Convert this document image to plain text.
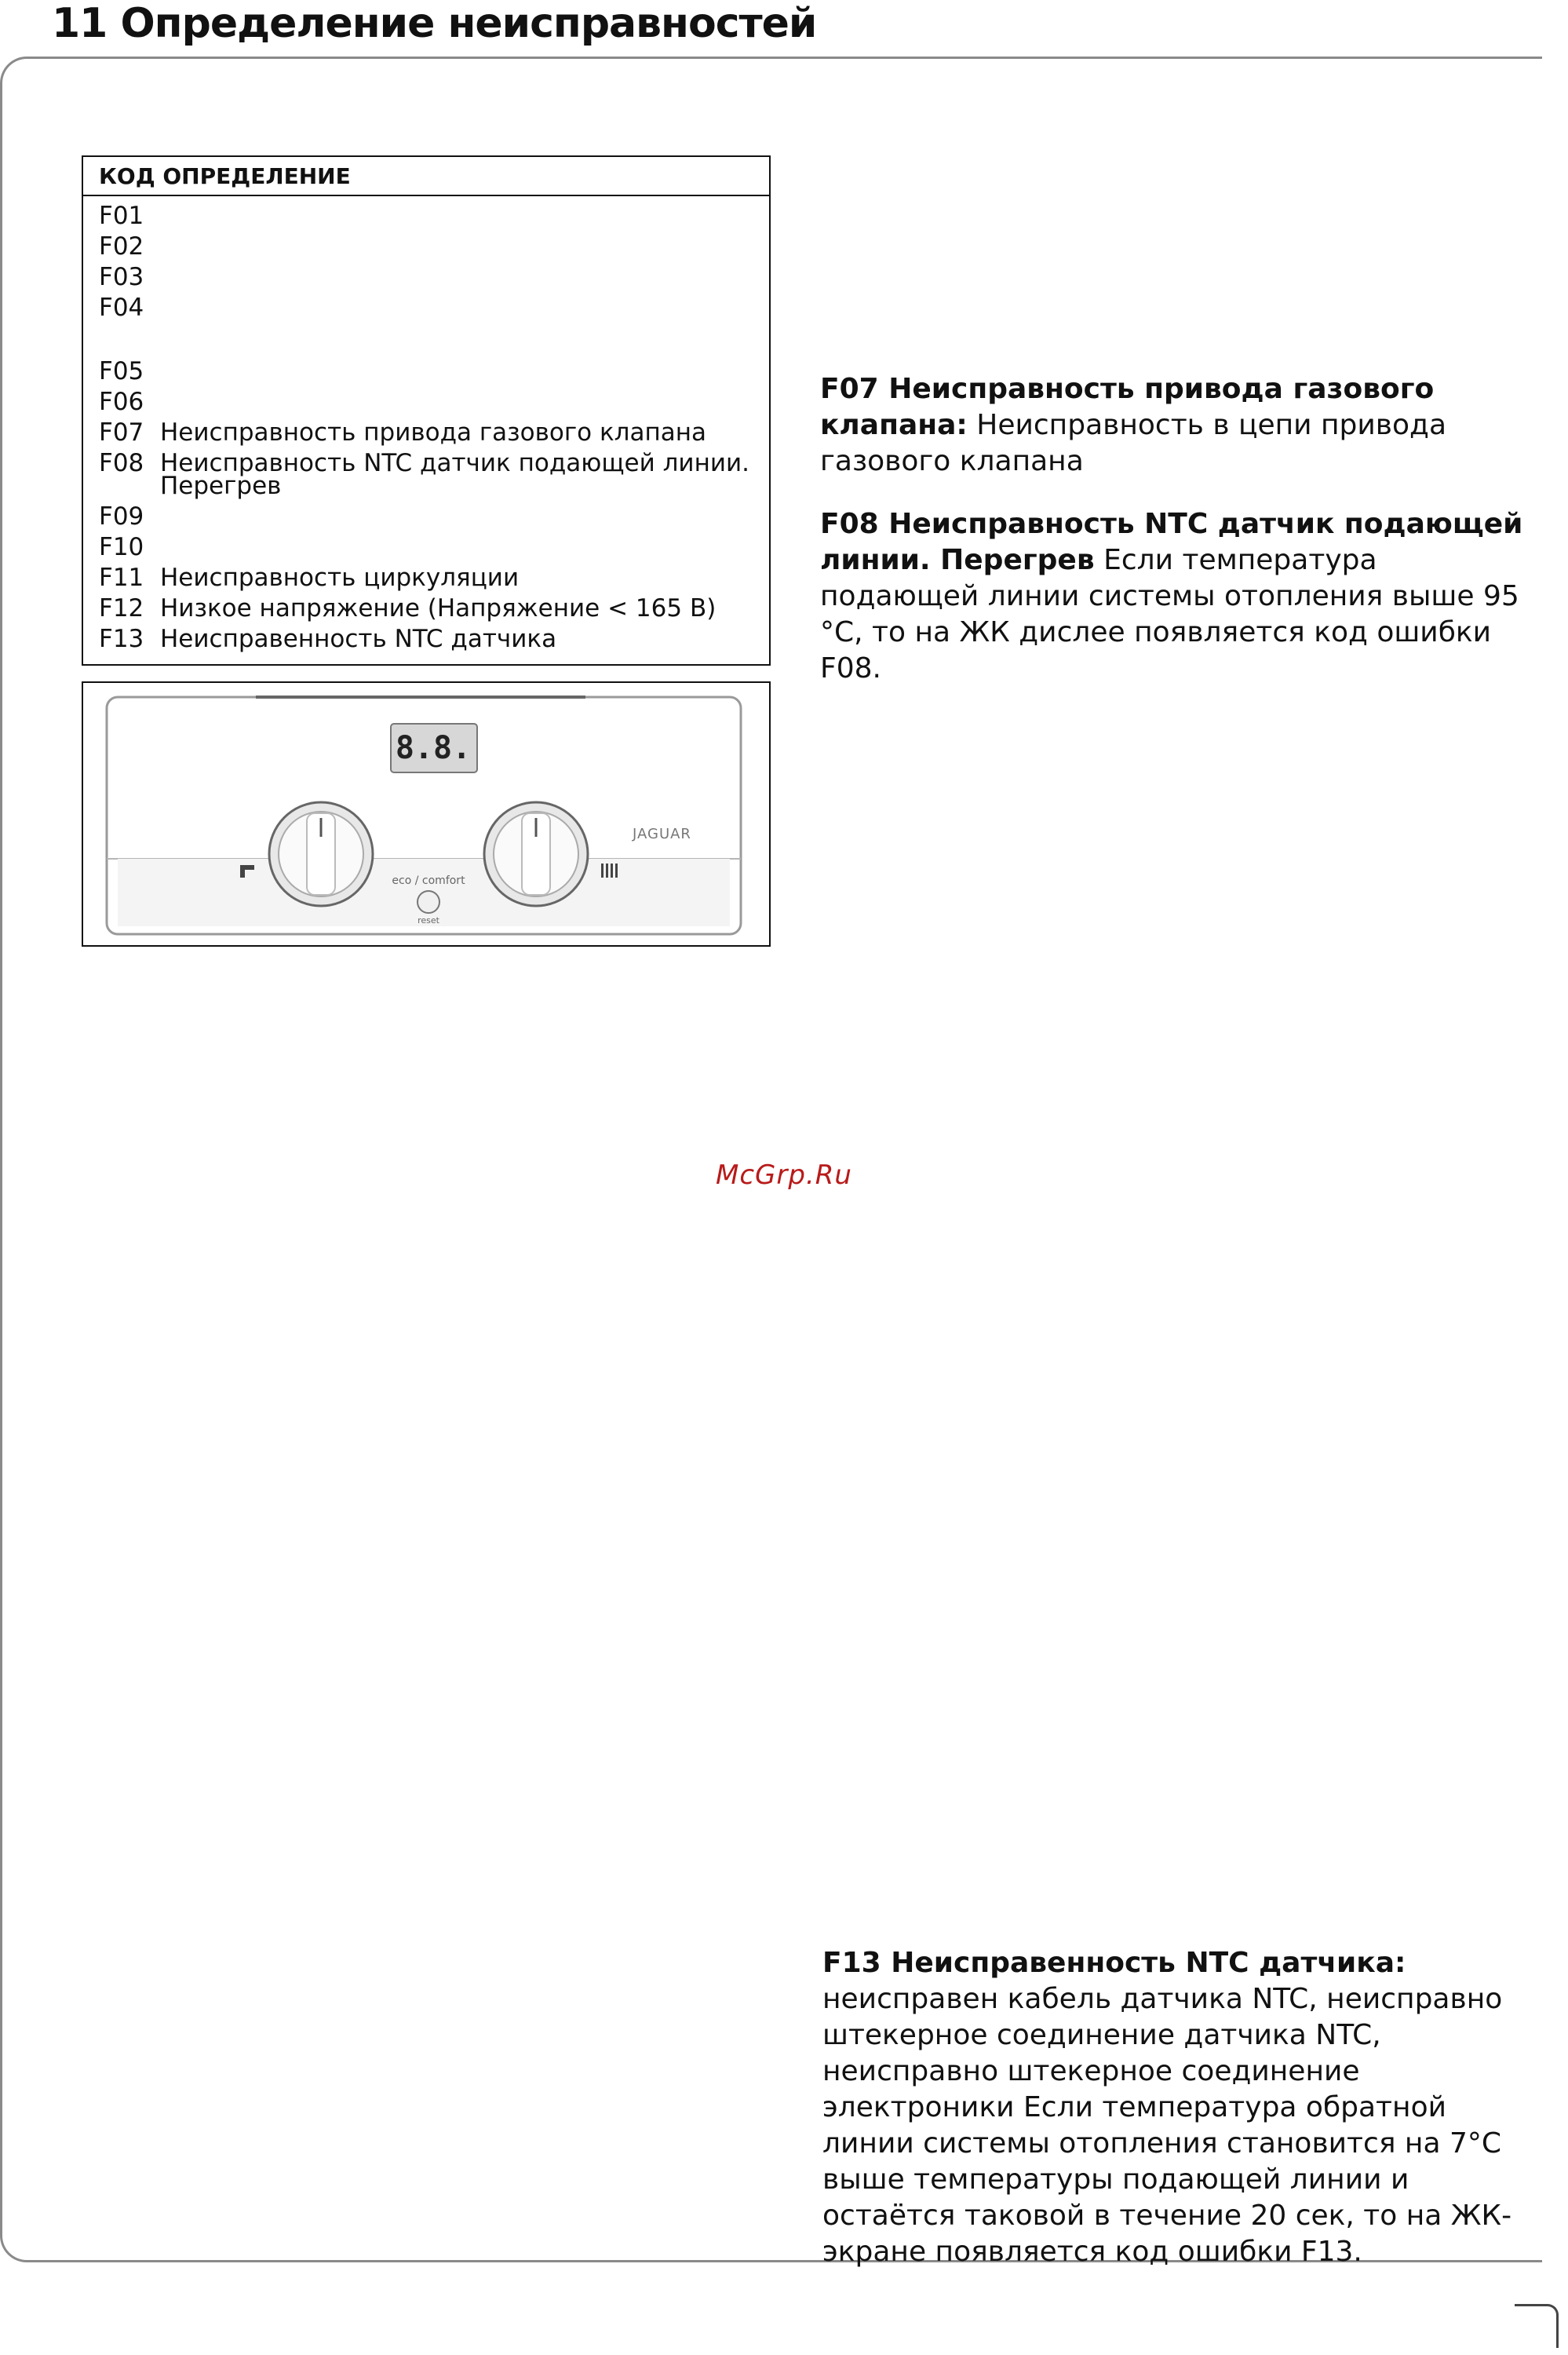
11 Определение неисправностей
КОД ОПРЕДЕЛЕНИЕ
F01
F02
F03
F04
F05
F06
F07 Неисправность привода газового клапана
F08 Неисправность NTC датчик подающей линии.
Перегрев
F09
F10
F11 Неисправность циркуляции
F12 Низкое напряжение (Напряжение < 165 В)
F13 Неисправенность NTC датчика
8.8.
JAGUAR
eco / comfort
reset

F07 Неисправность привода газового клапана: Неисправность в цепи привода газового клапана

F08 Неисправность NTC датчик подающей линии. Перегрев Если температура подающей линии системы отопления выше 95 °С, то на ЖК дислее появляется код ошибки F08.

McGrp.Ru

F13 Неисправенность NTC датчика: неисправен кабель датчика NTC, неисправно штекерное соединение датчика NTC, неисправно штекерное соединение электроники Если температура обратной линии системы отопления становится на 7°С выше температуры подающей линии и остаётся таковой в течение 20 сек, то на ЖК-экране появляется код ошибки F13.
